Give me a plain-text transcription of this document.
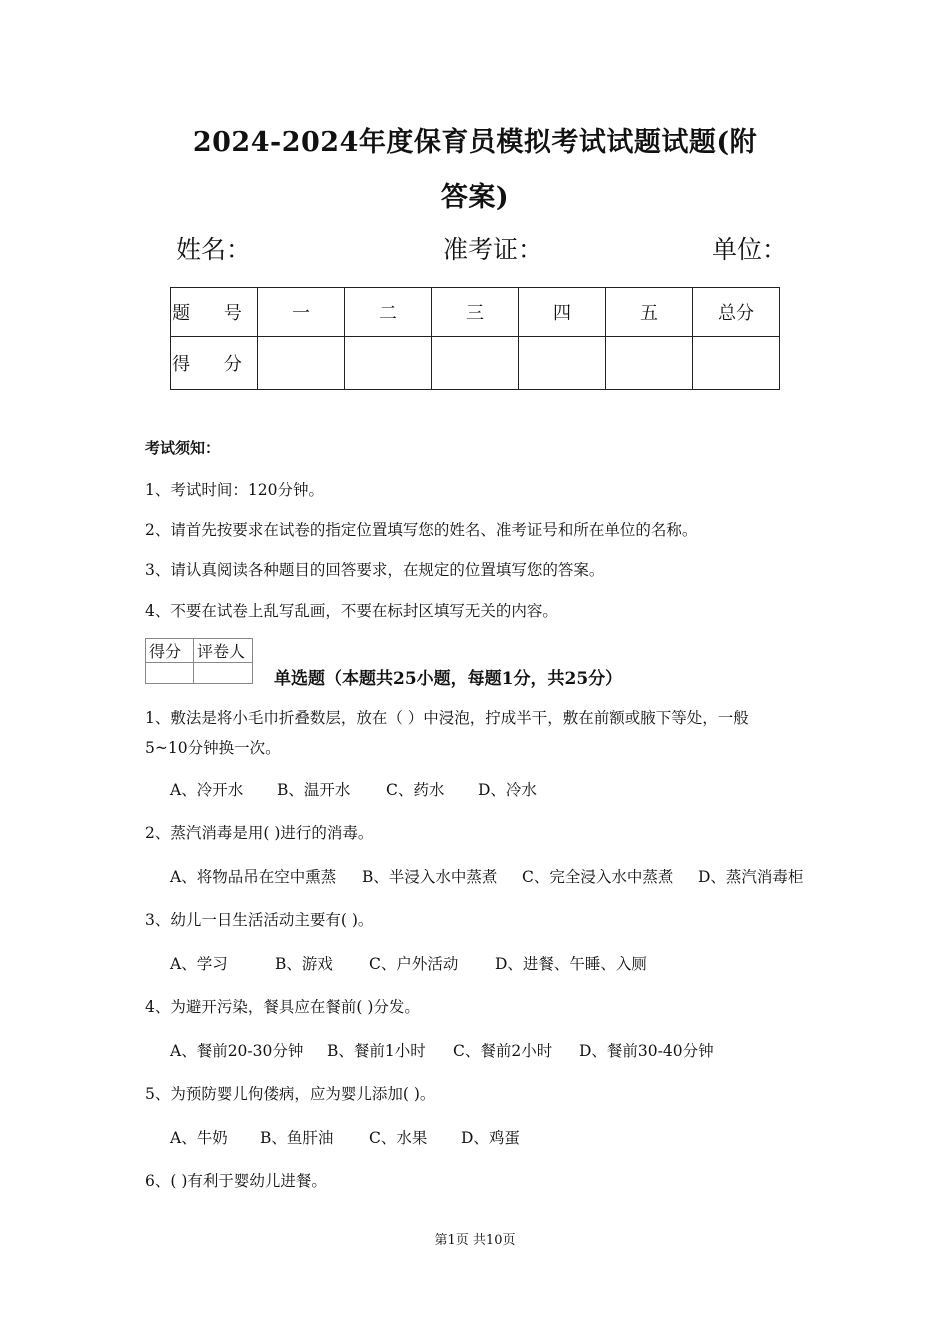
2024-2024年度保育员模拟考试试题试题(附
答案)
姓名：	准考证：	单位：
题 号	一	二	三	四	五	总分
得 分						
考试须知：
1、考试时间：120分钟。
2、请首先按要求在试卷的指定位置填写您的姓名、准考证号和所在单位的名称。
3、请认真阅读各种题目的回答要求，在规定的位置填写您的答案。
4、不要在试卷上乱写乱画，不要在标封区填写无关的内容。
得分	评卷人

单选题（本题共25小题，每题1分，共25分）
1、敷法是将小毛巾折叠数层，放在（ ）中浸泡，拧成半干，敷在前额或腋下等处，一般
5~10分钟换一次。
A、冷开水 B、温开水 C、药水 D、冷水
2、蒸汽消毒是用( )进行的消毒。
A、将物品吊在空中熏蒸 B、半浸入水中蒸煮 C、完全浸入水中蒸煮 D、蒸汽消毒柜
3、幼儿一日生活活动主要有( )。
A、学习	B、游戏 C、户外活动 D、进餐、午睡、入厕
4、为避开污染，餐具应在餐前( )分发。
A、餐前20-30分钟 B、餐前1小时 C、餐前2小时 D、餐前30-40分钟
5、为预防婴儿佝偻病，应为婴儿添加( )。
A、牛奶 B、鱼肝油 C、水果 D、鸡蛋
6、( )有利于婴幼儿进餐。
第1页 共10页
